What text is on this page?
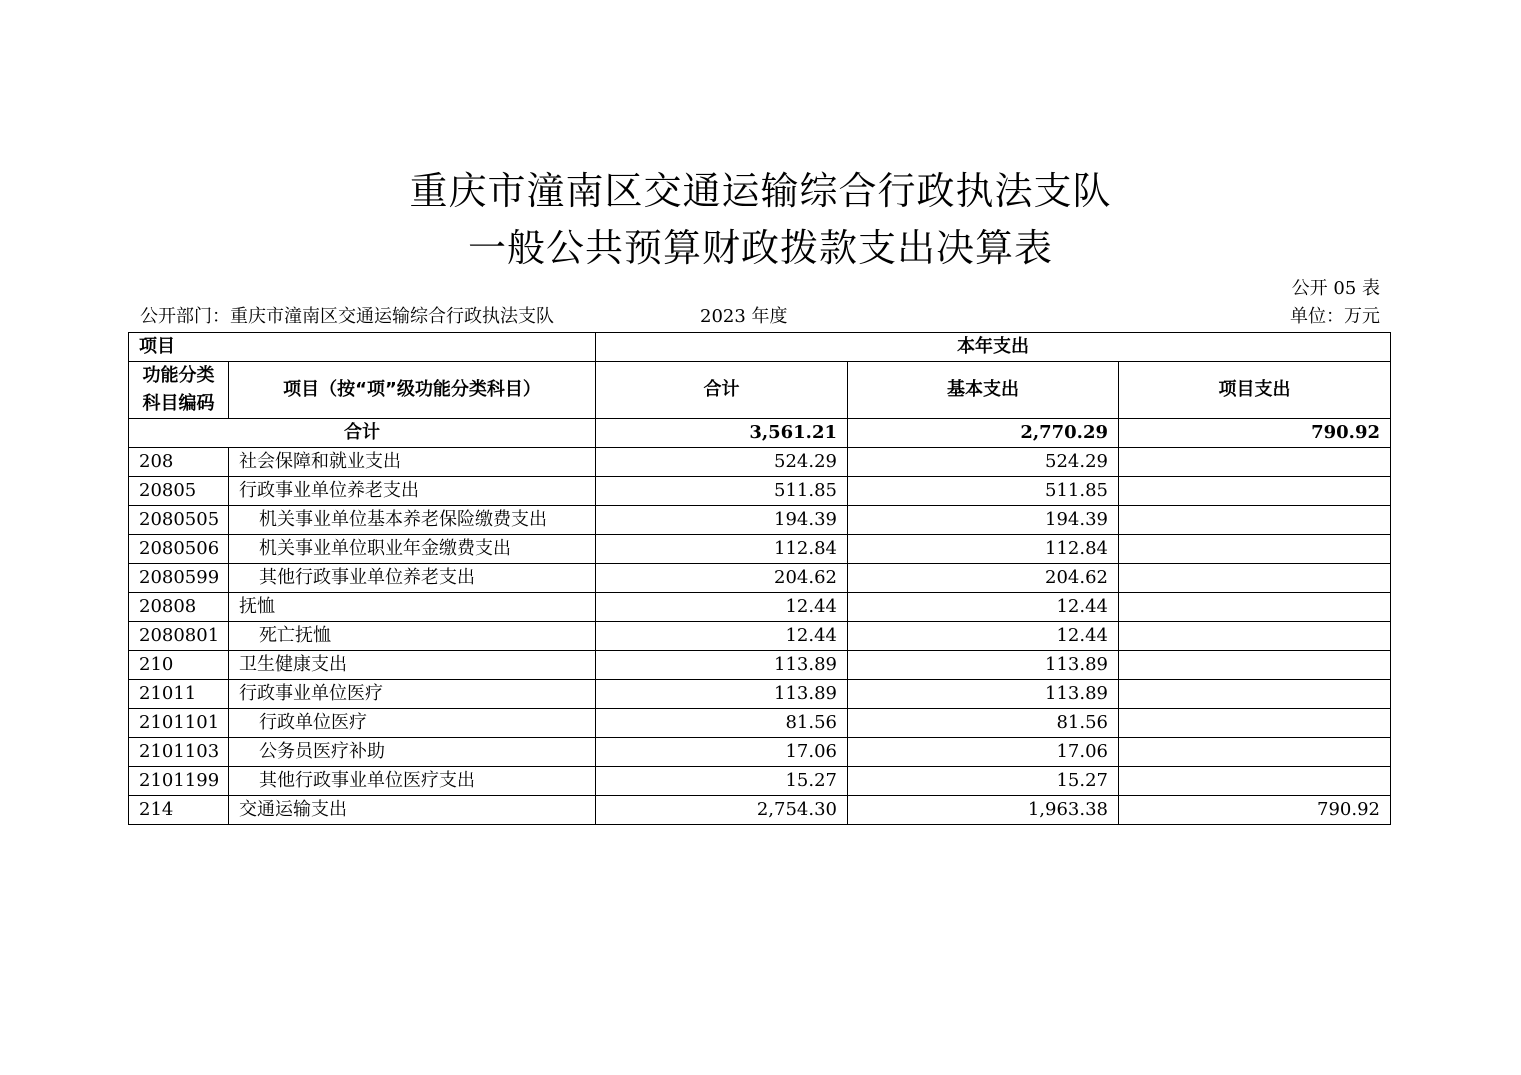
重庆市潼南区交通运输综合行政执法支队
一般公共预算财政拨款支出决算表
公开 05 表
公开部门：重庆市潼南区交通运输综合行政执法支队	2023 年度	单位：万元
项目		本年支出		
功能分类科目编码	项目（按“项”级功能分类科目）	合计	基本支出	项目支出
合计		3,561.21	2,770.29	790.92
208	社会保障和就业支出	524.29	524.29	
20805	行政事业单位养老支出	511.85	511.85	
2080505	机关事业单位基本养老保险缴费支出	194.39	194.39	
2080506	机关事业单位职业年金缴费支出	112.84	112.84	
2080599	其他行政事业单位养老支出	204.62	204.62	
20808	抚恤	12.44	12.44	
2080801	死亡抚恤	12.44	12.44	
210	卫生健康支出	113.89	113.89	
21011	行政事业单位医疗	113.89	113.89	
2101101	行政单位医疗	81.56	81.56	
2101103	公务员医疗补助	17.06	17.06	
2101199	其他行政事业单位医疗支出	15.27	15.27	
214	交通运输支出	2,754.30	1,963.38	790.92
